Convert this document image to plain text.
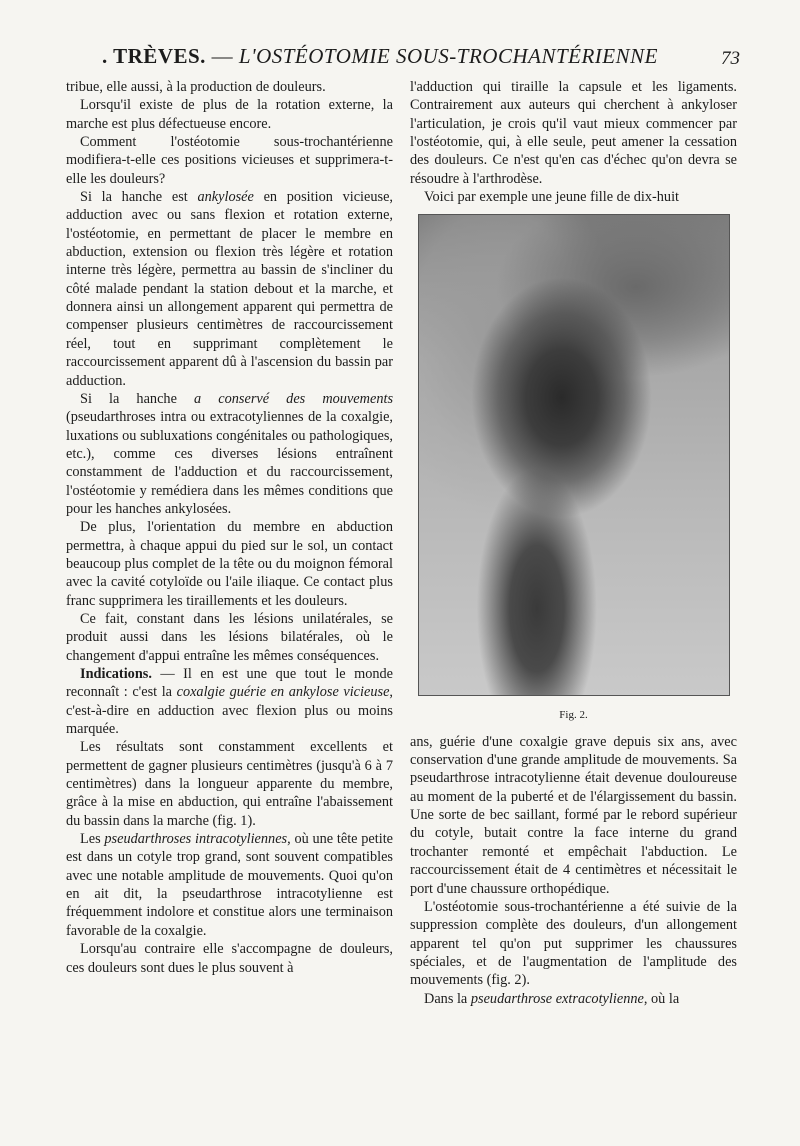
. TRÈVES. — L'OSTÉOTOMIE SOUS-TROCHANTÉRIENNE	73

tribue, elle aussi, à la production de douleurs.

Lorsqu'il existe de plus de la rotation externe, la marche est plus défectueuse encore.

Comment l'ostéotomie sous-trochantérienne modifiera-t-elle ces positions vicieuses et supprimera-t-elle les douleurs?

Si la hanche est ankylosée en position vicieuse, adduction avec ou sans flexion et rotation externe, l'ostéotomie, en permettant de placer le membre en abduction, extension ou flexion très légère et rotation interne très légère, permettra au bassin de s'incliner du côté malade pendant la station debout et la marche, et donnera ainsi un allongement apparent qui permettra de compenser plusieurs centimètres de raccourcissement réel, tout en supprimant complètement le raccourcissement apparent dû à l'ascension du bassin par adduction.

Si la hanche a conservé des mouvements (pseudarthroses intra ou extracotyliennes de la coxalgie, luxations ou subluxations congénitales ou pathologiques, etc.), comme ces diverses lésions entraînent constamment de l'adduction et du raccourcissement, l'ostéotomie y remédiera dans les mêmes conditions que pour les hanches ankylosées.

De plus, l'orientation du membre en abduction permettra, à chaque appui du pied sur le sol, un contact beaucoup plus complet de la tête ou du moignon fémoral avec la cavité cotyloïde ou l'aile iliaque. Ce contact plus franc supprimera les tiraillements et les douleurs.

Ce fait, constant dans les lésions unilatérales, se produit aussi dans les lésions bilatérales, où le changement d'appui entraîne les mêmes conséquences.

Indications. — Il en est une que tout le monde reconnaît : c'est la coxalgie guérie en ankylose vicieuse, c'est-à-dire en adduction avec flexion plus ou moins marquée.

Les résultats sont constamment excellents et permettent de gagner plusieurs centimètres (jusqu'à 6 à 7 centimètres) dans la longueur apparente du membre, grâce à la mise en abduction, qui entraîne l'abaissement du bassin dans la marche (fig. 1).

Les pseudarthroses intracotyliennes, où une tête petite est dans un cotyle trop grand, sont souvent compatibles avec une notable amplitude de mouvements. Quoi qu'on en ait dit, la pseudarthrose intracotylienne est fréquemment indolore et constitue alors une terminaison favorable de la coxalgie.

Lorsqu'au contraire elle s'accompagne de douleurs, ces douleurs sont dues le plus souvent à

l'adduction qui tiraille la capsule et les ligaments. Contrairement aux auteurs qui cherchent à ankyloser l'articulation, je crois qu'il vaut mieux commencer par l'ostéotomie, qui, à elle seule, peut amener la cessation des douleurs. Ce n'est qu'en cas d'échec qu'on devra se résoudre à l'arthrodèse.

Voici par exemple une jeune fille de dix-huit

Fig. 2.

ans, guérie d'une coxalgie grave depuis six ans, avec conservation d'une grande amplitude de mouvements. Sa pseudarthrose intracotylienne était devenue douloureuse au moment de la puberté et de l'élargissement du bassin. Une sorte de bec saillant, formé par le rebord supérieur du cotyle, butait contre la face interne du grand trochanter remonté et empêchait l'abduction. Le raccourcissement était de 4 centimètres et nécessitait le port d'une chaussure orthopédique.

L'ostéotomie sous-trochantérienne a été suivie de la suppression complète des douleurs, d'un allongement apparent tel qu'on put supprimer les chaussures spéciales, et de l'augmentation de l'amplitude des mouvements (fig. 2).

Dans la pseudarthrose extracotylienne, où la
